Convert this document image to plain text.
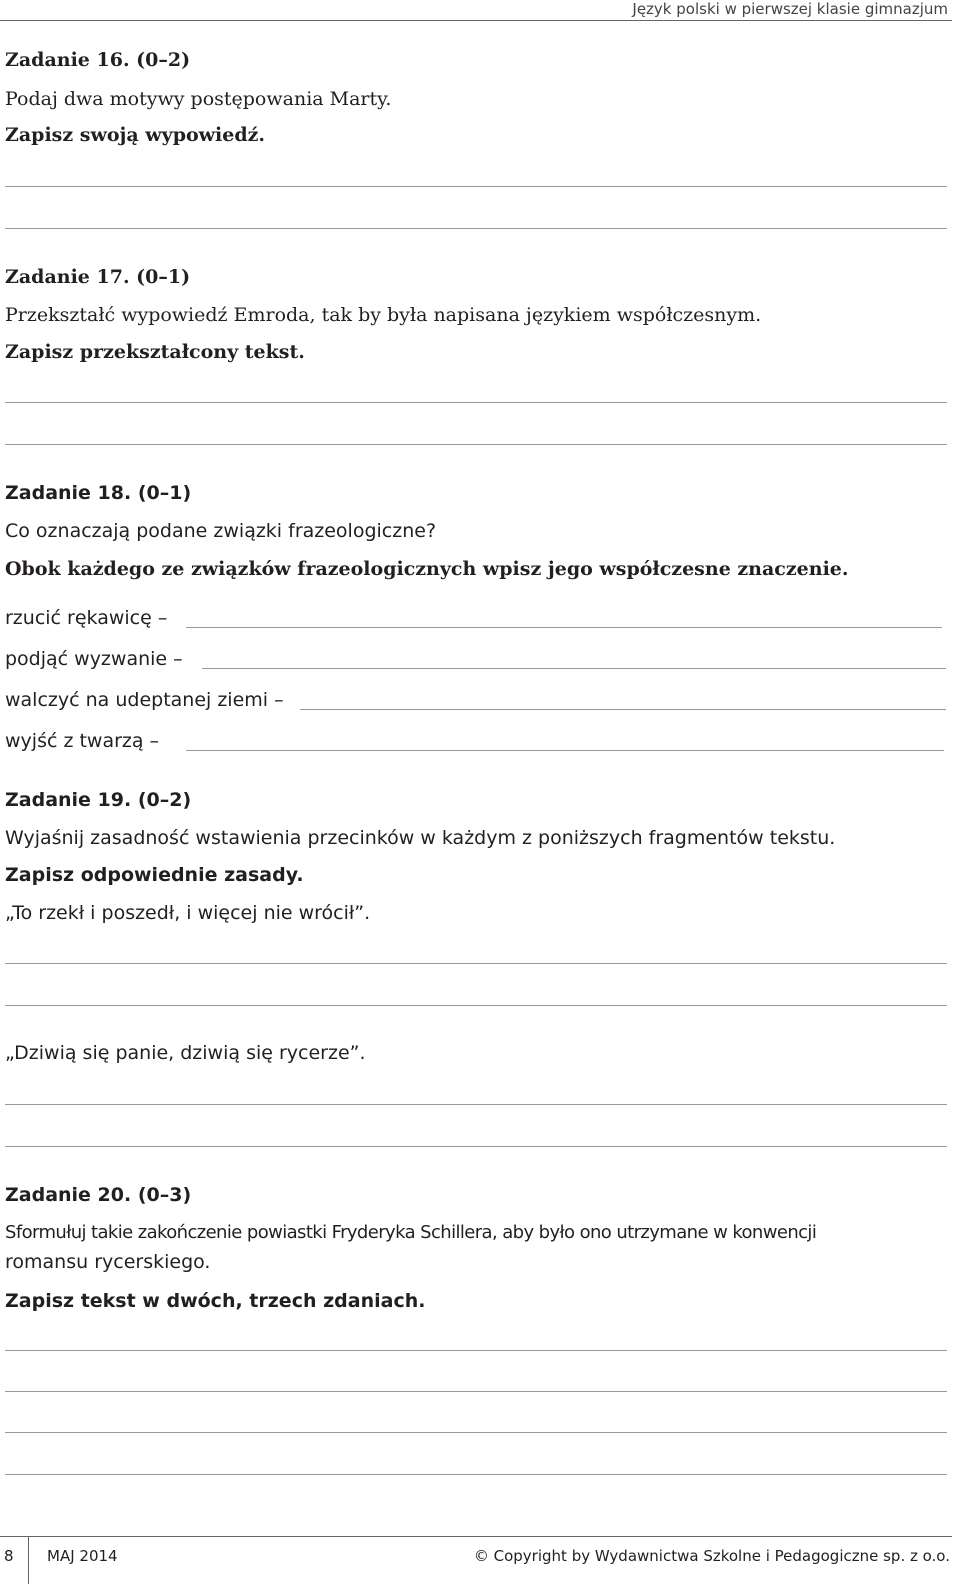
Język polski w pierwszej klasie gimnazjum
Zadanie 16. (0–2)
Podaj dwa motywy postępowania Marty.
Zapisz swoją wypowiedź.
Zadanie 17. (0–1)
Przekształć wypowiedź Emroda, tak by była napisana językiem współczesnym.
Zapisz przekształcony tekst.
Zadanie 18. (0–1)
Co oznaczają podane związki frazeologiczne?
Obok każdego ze związków frazeologicznych wpisz jego współczesne znaczenie.
rzucić rękawicę –
podjąć wyzwanie –
walczyć na udeptanej ziemi –
wyjść z twarzą –
Zadanie 19. (0–2)
Wyjaśnij zasadność wstawienia przecinków w każdym z poniższych fragmentów tekstu.
Zapisz odpowiednie zasady.
„To rzekł i poszedł, i więcej nie wrócił”.
„Dziwią się panie, dziwią się rycerze”.
Zadanie 20. (0–3)
Sformułuj takie zakończenie powiastki Fryderyka Schillera, aby było ono utrzymane w konwencji
romansu rycerskiego.
Zapisz tekst w dwóch, trzech zdaniach.
8 MAJ 2014	© Copyright by Wydawnictwa Szkolne i Pedagogiczne sp. z o.o.
